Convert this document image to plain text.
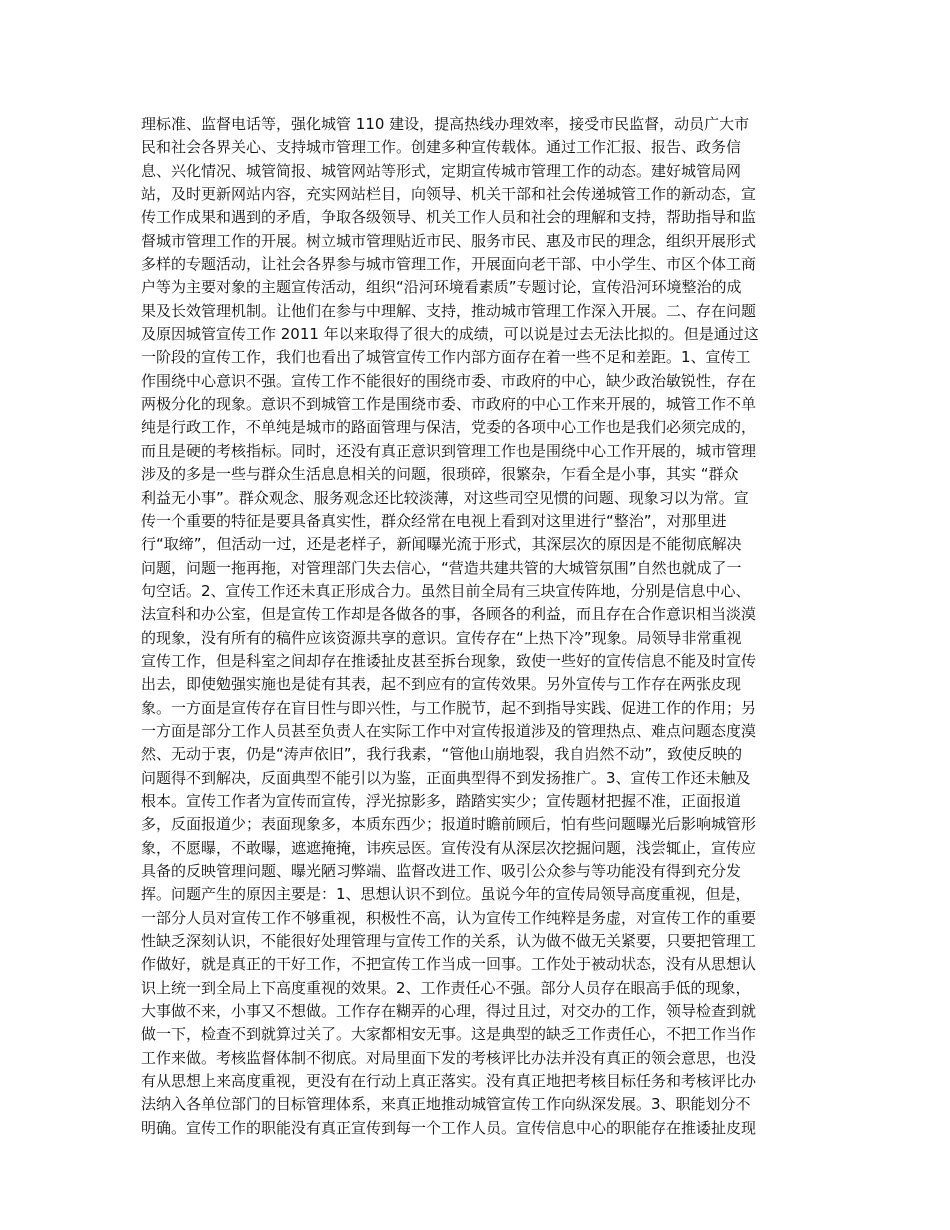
理标准、监督电话等，强化城管 110 建设，提高热线办理效率，接受市民监督，动员广大市
民和社会各界关心、支持城市管理工作。创建多种宣传载体。通过工作汇报、报告、政务信
息、兴化情况、城管简报、城管网站等形式，定期宣传城市管理工作的动态。建好城管局网
站，及时更新网站内容，充实网站栏目，向领导、机关干部和社会传递城管工作的新动态，宣
传工作成果和遇到的矛盾，争取各级领导、机关工作人员和社会的理解和支持，帮助指导和监
督城市管理工作的开展。树立城市管理贴近市民、服务市民、惠及市民的理念，组织开展形式
多样的专题活动，让社会各界参与城市管理工作，开展面向老干部、中小学生、市区个体工商
户等为主要对象的主题宣传活动，组织“沿河环境看素质”专题讨论，宣传沿河环境整治的成
果及长效管理机制。让他们在参与中理解、支持，推动城市管理工作深入开展。二、存在问题
及原因城管宣传工作 2011 年以来取得了很大的成绩，可以说是过去无法比拟的。但是通过这
一阶段的宣传工作，我们也看出了城管宣传工作内部方面存在着一些不足和差距。1、宣传工
作围绕中心意识不强。宣传工作不能很好的围绕市委、市政府的中心，缺少政治敏锐性，存在
两极分化的现象。意识不到城管工作是围绕市委、市政府的中心工作来开展的，城管工作不单
纯是行政工作，不单纯是城市的路面管理与保洁，党委的各项中心工作也是我们必须完成的，
而且是硬的考核指标。同时，还没有真正意识到管理工作也是围绕中心工作开展的，城市管理
涉及的多是一些与群众生活息息相关的问题，很琐碎，很繁杂，乍看全是小事，其实 “群众
利益无小事”。群众观念、服务观念还比较淡薄，对这些司空见惯的问题、现象习以为常。宣
传一个重要的特征是要具备真实性，群众经常在电视上看到对这里进行“整治”，对那里进
行“取缔”，但活动一过，还是老样子，新闻曝光流于形式，其深层次的原因是不能彻底解决
问题，问题一拖再拖，对管理部门失去信心，“营造共建共管的大城管氛围”自然也就成了一
句空话。2、宣传工作还未真正形成合力。虽然目前全局有三块宣传阵地，分别是信息中心、
法宣科和办公室，但是宣传工作却是各做各的事，各顾各的利益，而且存在合作意识相当淡漠
的现象，没有所有的稿件应该资源共享的意识。宣传存在“上热下冷”现象。局领导非常重视
宣传工作，但是科室之间却存在推诿扯皮甚至拆台现象，致使一些好的宣传信息不能及时宣传
出去，即使勉强实施也是徒有其表，起不到应有的宣传效果。另外宣传与工作存在两张皮现
象。一方面是宣传存在盲目性与即兴性，与工作脱节，起不到指导实践、促进工作的作用；另
一方面是部分工作人员甚至负责人在实际工作中对宣传报道涉及的管理热点、难点问题态度漠
然、无动于衷，仍是“涛声依旧”，我行我素，“管他山崩地裂，我自岿然不动”，致使反映的
问题得不到解决，反面典型不能引以为鉴，正面典型得不到发扬推广。3、宣传工作还未触及
根本。宣传工作者为宣传而宣传，浮光掠影多，踏踏实实少；宣传题材把握不准，正面报道
多，反面报道少；表面现象多，本质东西少；报道时瞻前顾后，怕有些问题曝光后影响城管形
象，不愿曝，不敢曝，遮遮掩掩，讳疾忌医。宣传没有从深层次挖掘问题，浅尝辄止，宣传应
具备的反映管理问题、曝光陋习弊端、监督改进工作、吸引公众参与等功能没有得到充分发
挥。问题产生的原因主要是：1、思想认识不到位。虽说今年的宣传局领导高度重视，但是，
一部分人员对宣传工作不够重视，积极性不高，认为宣传工作纯粹是务虚，对宣传工作的重要
性缺乏深刻认识，不能很好处理管理与宣传工作的关系，认为做不做无关紧要，只要把管理工
作做好，就是真正的干好工作，不把宣传工作当成一回事。工作处于被动状态，没有从思想认
识上统一到全局上下高度重视的效果。2、工作责任心不强。部分人员存在眼高手低的现象，
大事做不来，小事又不想做。工作存在糊弄的心理，得过且过，对交办的工作，领导检查到就
做一下，检查不到就算过关了。大家都相安无事。这是典型的缺乏工作责任心，不把工作当作
工作来做。考核监督体制不彻底。对局里面下发的考核评比办法并没有真正的领会意思，也没
有从思想上来高度重视，更没有在行动上真正落实。没有真正地把考核目标任务和考核评比办
法纳入各单位部门的目标管理体系，来真正地推动城管宣传工作向纵深发展。3、职能划分不
明确。宣传工作的职能没有真正宣传到每一个工作人员。宣传信息中心的职能存在推诿扯皮现
